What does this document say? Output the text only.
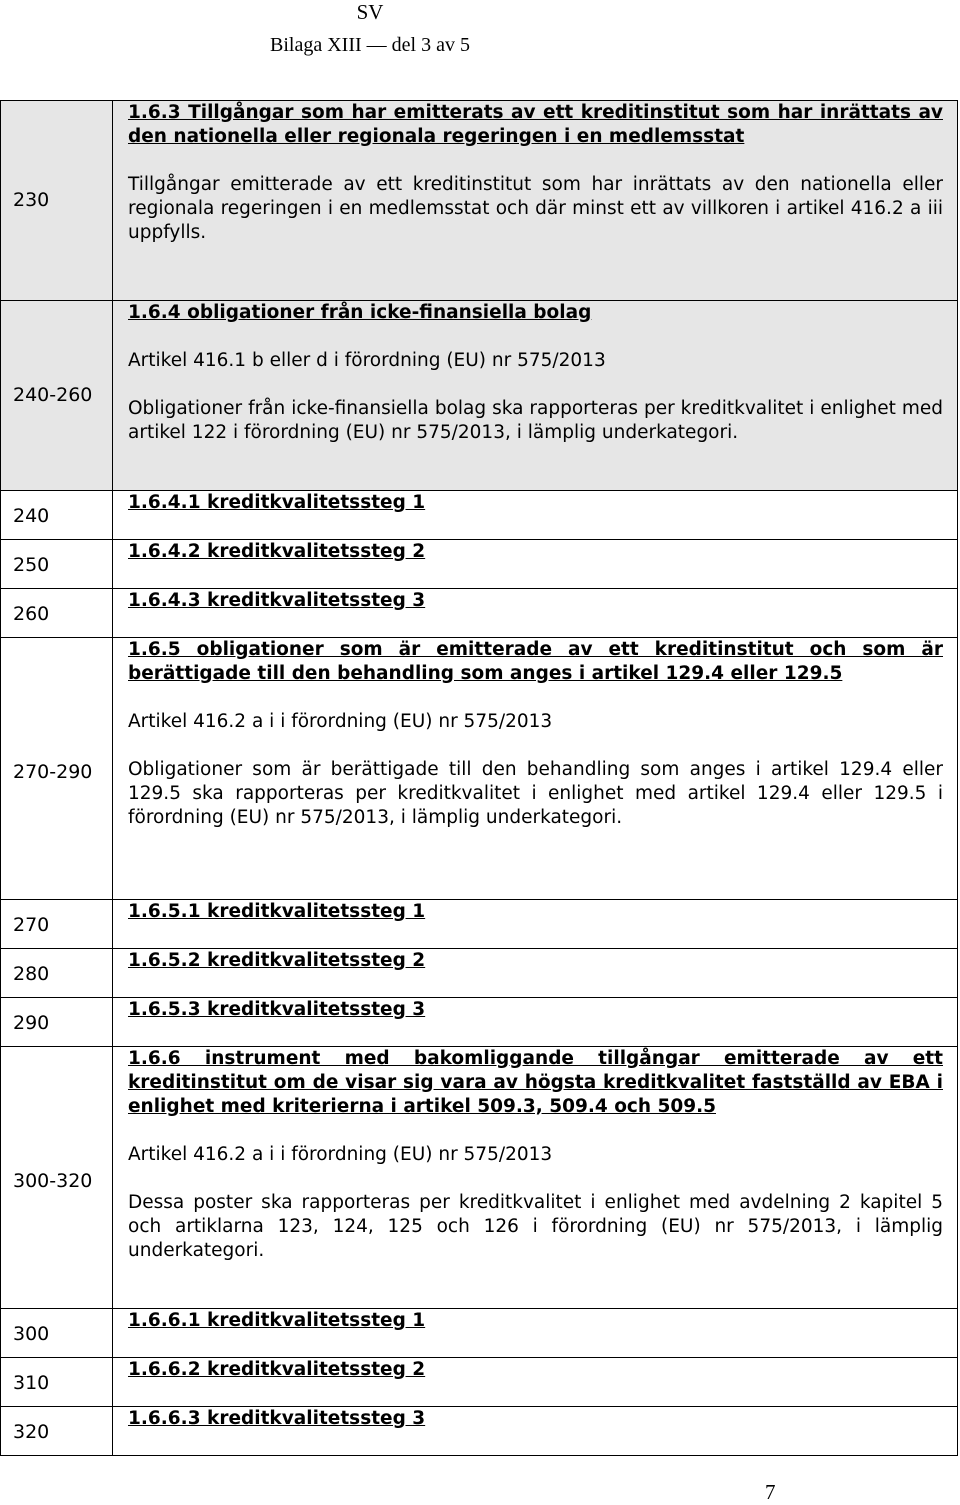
SV
Bilaga XIII — del 3 av 5
230	1.6.3 Tillgångar som har emitterats av ett kreditinstitut som har inrättats av den nationella eller regionala regeringen i en medlemsstat

Tillgångar emitterade av ett kreditinstitut som har inrättats av den nationella eller regionala regeringen i en medlemsstat och där minst ett av villkoren i artikel 416.2 a iii uppfylls.

240-260	1.6.4 obligationer från icke-finansiella bolag

Artikel 416.1 b eller d i förordning (EU) nr 575/2013

Obligationer från icke-finansiella bolag ska rapporteras per kreditkvalitet i enlighet med artikel 122 i förordning (EU) nr 575/2013, i lämplig underkategori.

240	1.6.4.1 kreditkvalitetssteg 1

250	1.6.4.2 kreditkvalitetssteg 2

260	1.6.4.3 kreditkvalitetssteg 3

270-290	1.6.5 obligationer som är emitterade av ett kreditinstitut och som är berättigade till den behandling som anges i artikel 129.4 eller 129.5

Artikel 416.2 a i i förordning (EU) nr 575/2013

Obligationer som är berättigade till den behandling som anges i artikel 129.4 eller 129.5 ska rapporteras per kreditkvalitet i enlighet med artikel 129.4 eller 129.5 i förordning (EU) nr 575/2013, i lämplig underkategori.

270	1.6.5.1 kreditkvalitetssteg 1

280	1.6.5.2 kreditkvalitetssteg 2

290	1.6.5.3 kreditkvalitetssteg 3

300-320	1.6.6 instrument med bakomliggande tillgångar emitterade av ett kreditinstitut om de visar sig vara av högsta kreditkvalitet fastställd av EBA i enlighet med kriterierna i artikel 509.3, 509.4 och 509.5

Artikel 416.2 a i i förordning (EU) nr 575/2013

Dessa poster ska rapporteras per kreditkvalitet i enlighet med avdelning 2 kapitel 5 och artiklarna 123, 124, 125 och 126 i förordning (EU) nr 575/2013, i lämplig underkategori.

300	1.6.6.1 kreditkvalitetssteg 1

310	1.6.6.2 kreditkvalitetssteg 2

320	1.6.6.3 kreditkvalitetssteg 3

7
